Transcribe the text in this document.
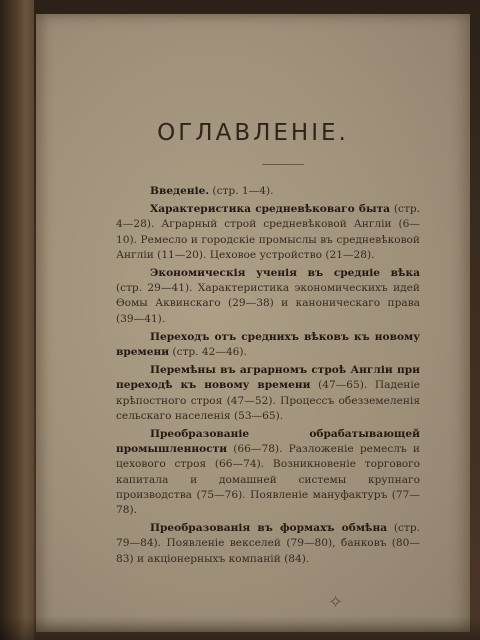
ОГЛАВЛЕНІЕ.

Введеніе. (стр. 1—4).

Характеристика средневѣковаго быта (стр. 4—28). Аграрный строй средневѣковой Англіи (6—10). Ремесло и городскіе промыслы въ средневѣковой Англіи (11—20). Цеховое устройство (21—28).

Экономическія ученія въ средніе вѣка (стр. 29—41). Характеристика экономическихъ идей Ѳомы Аквинскаго (29—38) и каноническаго права (39—41).

Переходъ отъ среднихъ вѣковъ къ новому времени (стр. 42—46).

Перемѣны въ аграрномъ строѣ Англіи при переходѣ къ новому времени (47—65). Паденіе крѣпостного строя (47—52). Процессъ обезземеленія сельскаго населенія (53—65).

Преобразованіе обрабатывающей промышленности (66—78). Разложеніе ремеслъ и цехового строя (66—74). Возникновеніе торгового капитала и домашней системы крупнаго производства (75—76). Появленіе мануфактуръ (77—78).

Преобразованія въ формахъ обмѣна (стр. 79—84). Появленіе векселей (79—80), банковъ (80—83) и акціонерныхъ компаній (84).

✧
